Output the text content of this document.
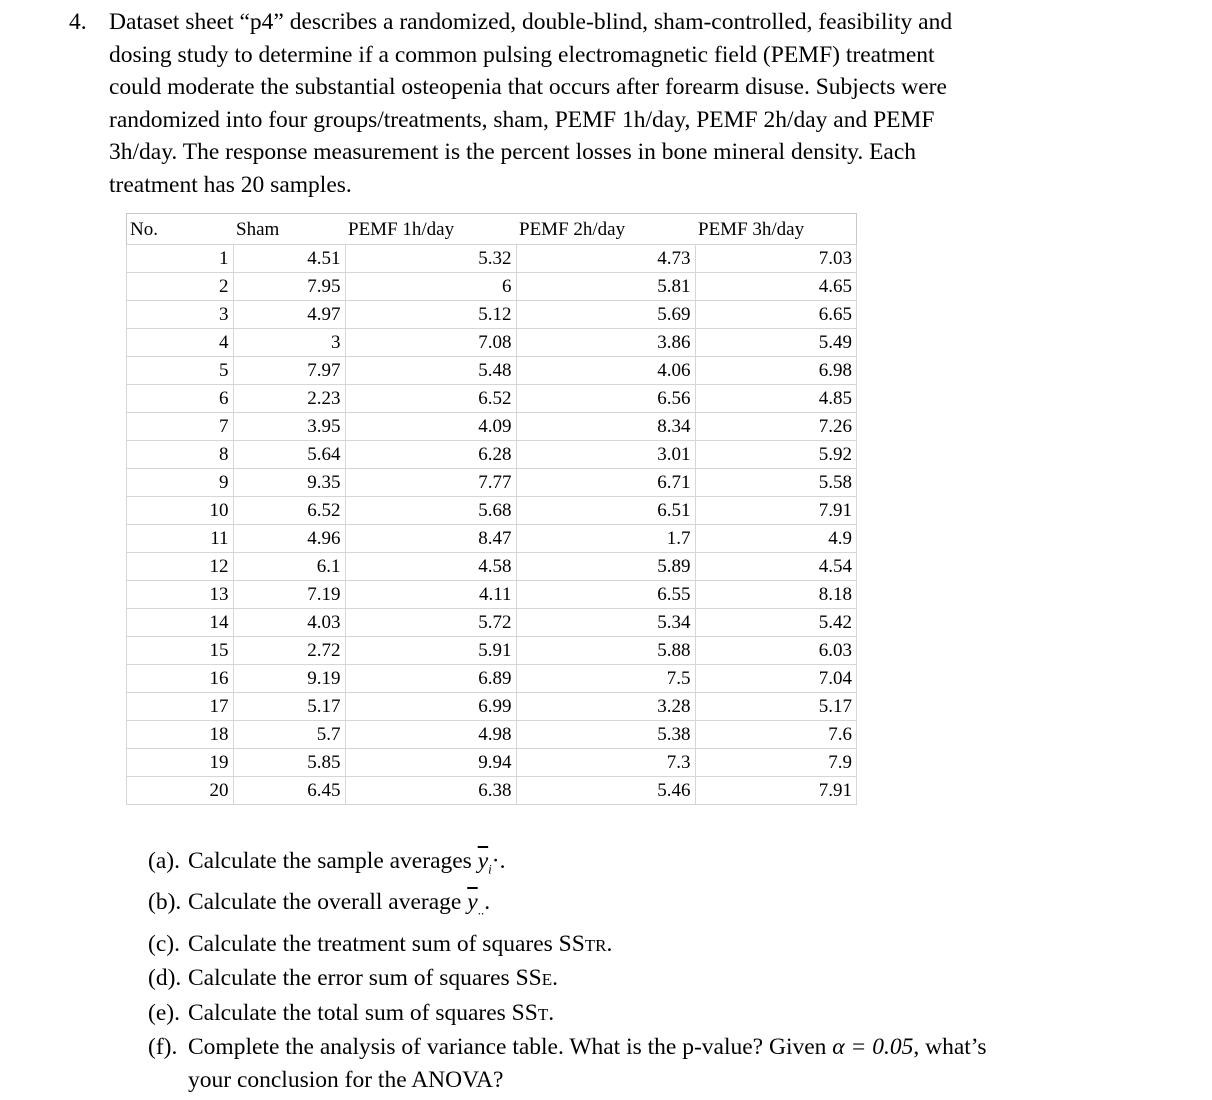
4. Dataset sheet “p4” describes a randomized, double-blind, sham-controlled, feasibility and
dosing study to determine if a common pulsing electromagnetic field (PEMF) treatment
could moderate the substantial osteopenia that occurs after forearm disuse. Subjects were
randomized into four groups/treatments, sham, PEMF 1h/day, PEMF 2h/day and PEMF
3h/day. The response measurement is the percent losses in bone mineral density. Each
treatment has 20 samples.
No.	Sham	PEMF 1h/day	PEMF 2h/day	PEMF 3h/day
1	4.51	5.32	4.73	7.03
2	7.95	6	5.81	4.65
3	4.97	5.12	5.69	6.65
4	3	7.08	3.86	5.49
5	7.97	5.48	4.06	6.98
6	2.23	6.52	6.56	4.85
7	3.95	4.09	8.34	7.26
8	5.64	6.28	3.01	5.92
9	9.35	7.77	6.71	5.58
10	6.52	5.68	6.51	7.91
11	4.96	8.47	1.7	4.9
12	6.1	4.58	5.89	4.54
13	7.19	4.11	6.55	8.18
14	4.03	5.72	5.34	5.42
15	2.72	5.91	5.88	6.03
16	9.19	6.89	7.5	7.04
17	5.17	6.99	3.28	5.17
18	5.7	4.98	5.38	7.6
19	5.85	9.94	7.3	7.9
20	6.45	6.38	5.46	7.91
(a). Calculate the sample averages $\overline{y}_i\cdot$.
(b). Calculate the overall average $\overline{y}_{..}$.
(c). Calculate the treatment sum of squares SSTR.
(d). Calculate the error sum of squares SSE.
(e). Calculate the total sum of squares SST.
(f). Complete the analysis of variance table. What is the p-value? Given α = 0.05, what’s
your conclusion for the ANOVA?
